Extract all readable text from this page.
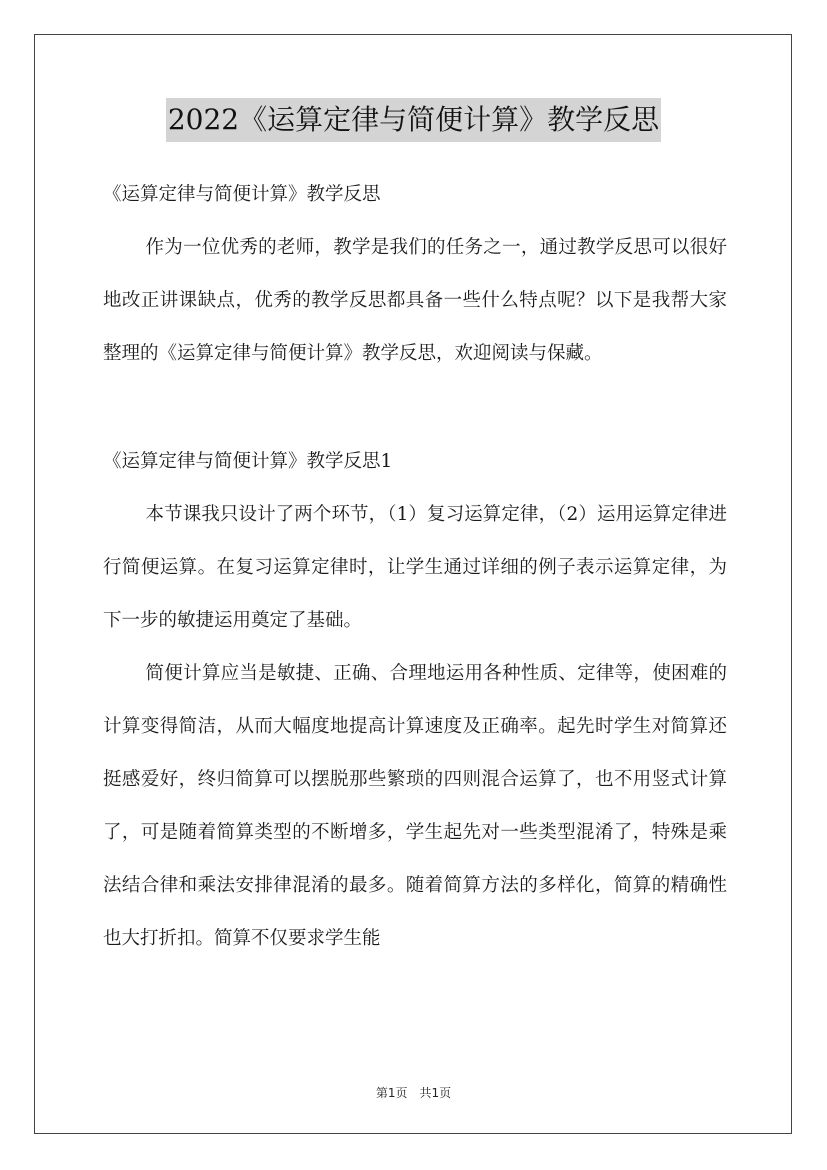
2022《运算定律与简便计算》教学反思

《运算定律与简便计算》教学反思

作为一位优秀的老师，教学是我们的任务之一，通过教学反思可以很好地改正讲课缺点，优秀的教学反思都具备一些什么特点呢？以下是我帮大家整理的《运算定律与简便计算》教学反思，欢迎阅读与保藏。

《运算定律与简便计算》教学反思1

本节课我只设计了两个环节，（1）复习运算定律，（2）运用运算定律进行简便运算。在复习运算定律时，让学生通过详细的例子表示运算定律，为下一步的敏捷运用奠定了基础。

简便计算应当是敏捷、正确、合理地运用各种性质、定律等，使困难的计算变得简洁，从而大幅度地提高计算速度及正确率。起先时学生对简算还挺感爱好，终归简算可以摆脱那些繁琐的四则混合运算了，也不用竖式计算了，可是随着简算类型的不断增多，学生起先对一些类型混淆了，特殊是乘法结合律和乘法安排律混淆的最多。随着简算方法的多样化，简算的精确性也大打折扣。简算不仅要求学生能

第1页 共1页
